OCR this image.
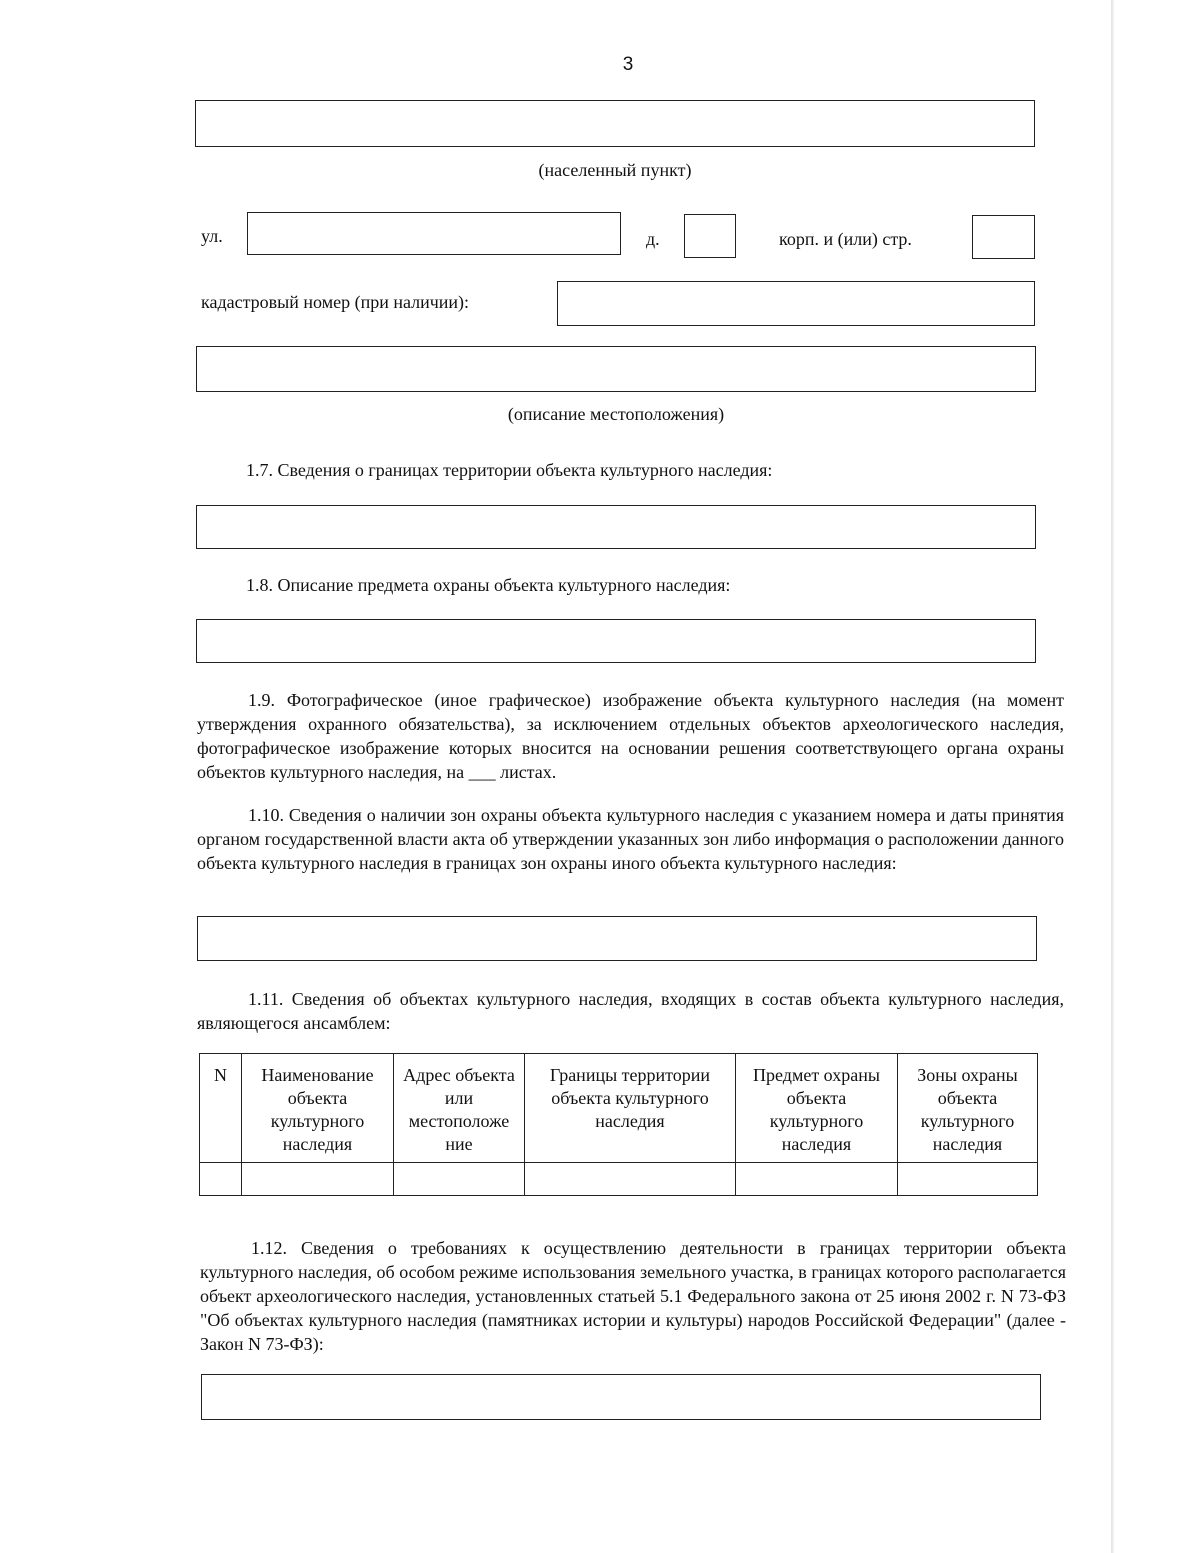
3
(населенный пункт)
ул.	д.	корп. и (или) стр.
кадастровый номер (при наличии):
(описание местоположения)
1.7. Сведения о границах территории объекта культурного наследия:
1.8. Описание предмета охраны объекта культурного наследия:
1.9. Фотографическое (иное графическое) изображение объекта культурного наследия (на момент утверждения охранного обязательства), за исключением отдельных объектов археологического наследия, фотографическое изображение которых вносится на основании решения соответствующего органа охраны объектов культурного наследия, на ___ листах.
1.10. Сведения о наличии зон охраны объекта культурного наследия с указанием номера и даты принятия органом государственной власти акта об утверждении указанных зон либо информация о расположении данного объекта культурного наследия в границах зон охраны иного объекта культурного наследия:
1.11. Сведения об объектах культурного наследия, входящих в состав объекта культурного наследия, являющегося ансамблем:
N	Наименование объекта культурного наследия	Адрес объекта или местоположе ние	Границы территории объекта культурного наследия	Предмет охраны объекта культурного наследия	Зоны охраны объекта культурного наследия

1.12. Сведения о требованиях к осуществлению деятельности в границах территории объекта культурного наследия, об особом режиме использования земельного участка, в границах которого располагается объект археологического наследия, установленных статьей 5.1 Федерального закона от 25 июня 2002 г. N 73-ФЗ "Об объектах культурного наследия (памятниках истории и культуры) народов Российской Федерации" (далее - Закон N 73-ФЗ):
